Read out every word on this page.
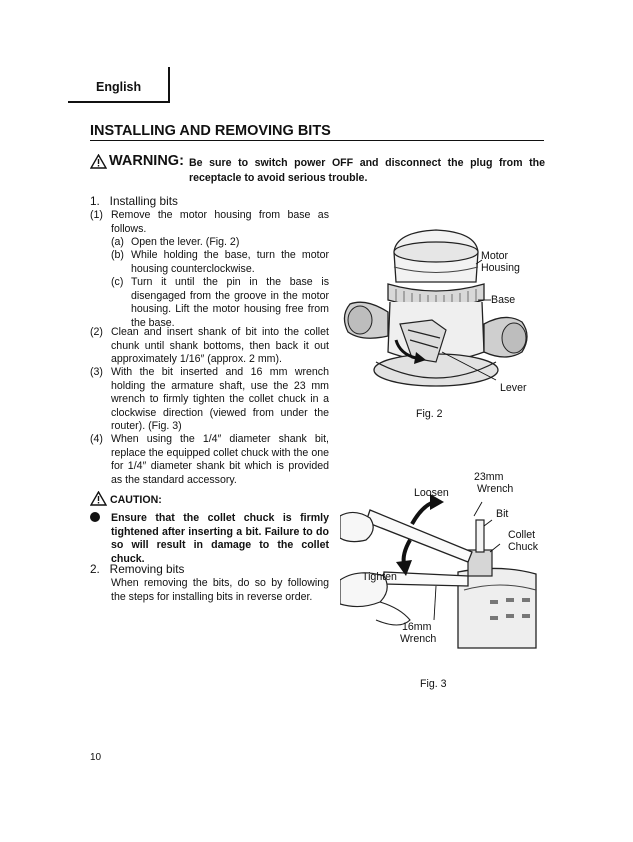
English
INSTALLING AND REMOVING BITS
WARNING: Be sure to switch power OFF and disconnect the plug from the receptacle to avoid serious trouble.
1.   Installing bits
(1) Remove the motor housing from base as follows.
(a) Open the lever. (Fig. 2)
(b) While holding the base, turn the motor housing counterclockwise.
(c) Turn it until the pin in the base is disengaged from the groove in the motor housing. Lift the motor housing free from the base.
(2) Clean and insert shank of bit into the collet chunk until shank bottoms, then back it out approximately 1/16″ (approx. 2 mm).
(3) With the bit inserted and 16 mm wrench holding the armature shaft, use the 23 mm wrench to firmly tighten the collet chuck in a clockwise direction (viewed from under the router). (Fig. 3)
(4) When using the 1/4″ diameter shank bit, replace the equipped collet chuck with the one for 1/4″ diameter shank bit which is provided as the standard accessory.
CAUTION:
Ensure that the collet chuck is firmly tightened after inserting a bit. Failure to do so will result in damage to the collet chuck.
2.   Removing bits
When removing the bits, do so by following the steps for installing bits in reverse order.
Motor
Housing
Base
Lever
Fig. 2
23mm
Wrench
Loosen
Bit
Collet
Chuck
Tighten
16mm
Wrench
Fig. 3
10
